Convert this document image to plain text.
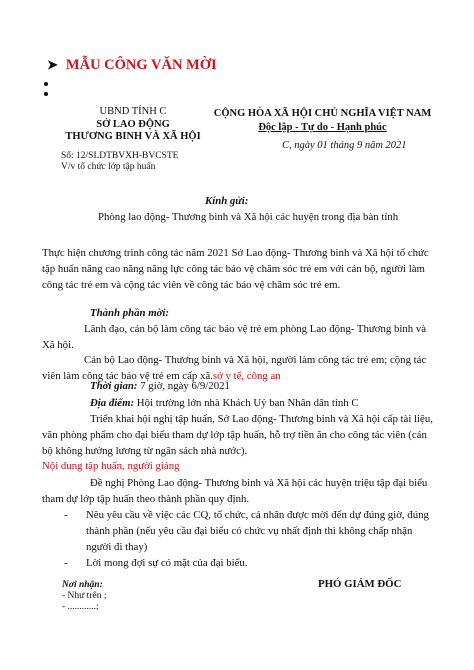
➤ MẪU CÔNG VĂN MỜI
UBND TỈNH C
SỞ LAO ĐỘNG
THƯƠNG BINH VÀ XÃ HỘI
CỘNG HÒA XÃ HỘI CHỦ NGHĨA VIỆT NAM
Độc lập - Tự do - Hạnh phúc
C, ngày 01 tháng 9 năm 2021
Số: 12/SLDTBVXH-BVCSTE
V/v tổ chức lớp tập huấn
Kính gửi:
Phòng lao động- Thương binh và Xã hội các huyện trong địa bàn tỉnh
Thực hiện chương trình công tác năm 2021 Sở Lao động- Thương binh và Xã hội tổ chức tập huấn nâng cao năng năng lực công tác bảo vệ chăm sóc trẻ em với cán bộ, người làm công tác trẻ em và cộng tác viên về công tác bảo vệ chăm sóc trẻ em.
Thành phần mời:
Lãnh đạo, cán bộ làm công tác bảo vệ trẻ em phòng Lao động- Thương binh và Xã hội.
Cán bộ Lao động- Thương binh và Xã hội, người làm công tác trẻ em; cộng tác viên làm công tác bảo vệ trẻ em cấp xã.sở y tế, công an
Thời gian: 7 giờ, ngày 6/9/2021
Địa điểm: Hội trường lớn nhà Khách Uỷ ban Nhân dân tỉnh C
Triển khai hội nghị tập huấn, Sở Lao động- Thương binh và Xã hội cấp tài liệu, văn phòng phẩm cho đại biểu tham dự lớp tập huấn, hỗ trợ tiền ăn cho công tác viên (cán bộ không hưởng lương từ ngân sách nhà nước).
Nội dung tập huấn, người giảng
Đề nghị Phòng Lao động- Thương binh và Xã hội các huyện triệu tập đại biểu tham dự lớp tập huấn theo thành phần quy định.
- Nêu yêu cầu về việc các CQ, tổ chức, cá nhân được mời đến dự đúng giờ, đúng thành phần (nếu yêu cầu đại biểu có chức vụ nhất định thì không chấp nhận người đi thay)
- Lời mong đợi sự có mặt của đại biểu.
Nơi nhận:
- Như trên ;
- ............;
PHÓ GIÁM ĐỐC
